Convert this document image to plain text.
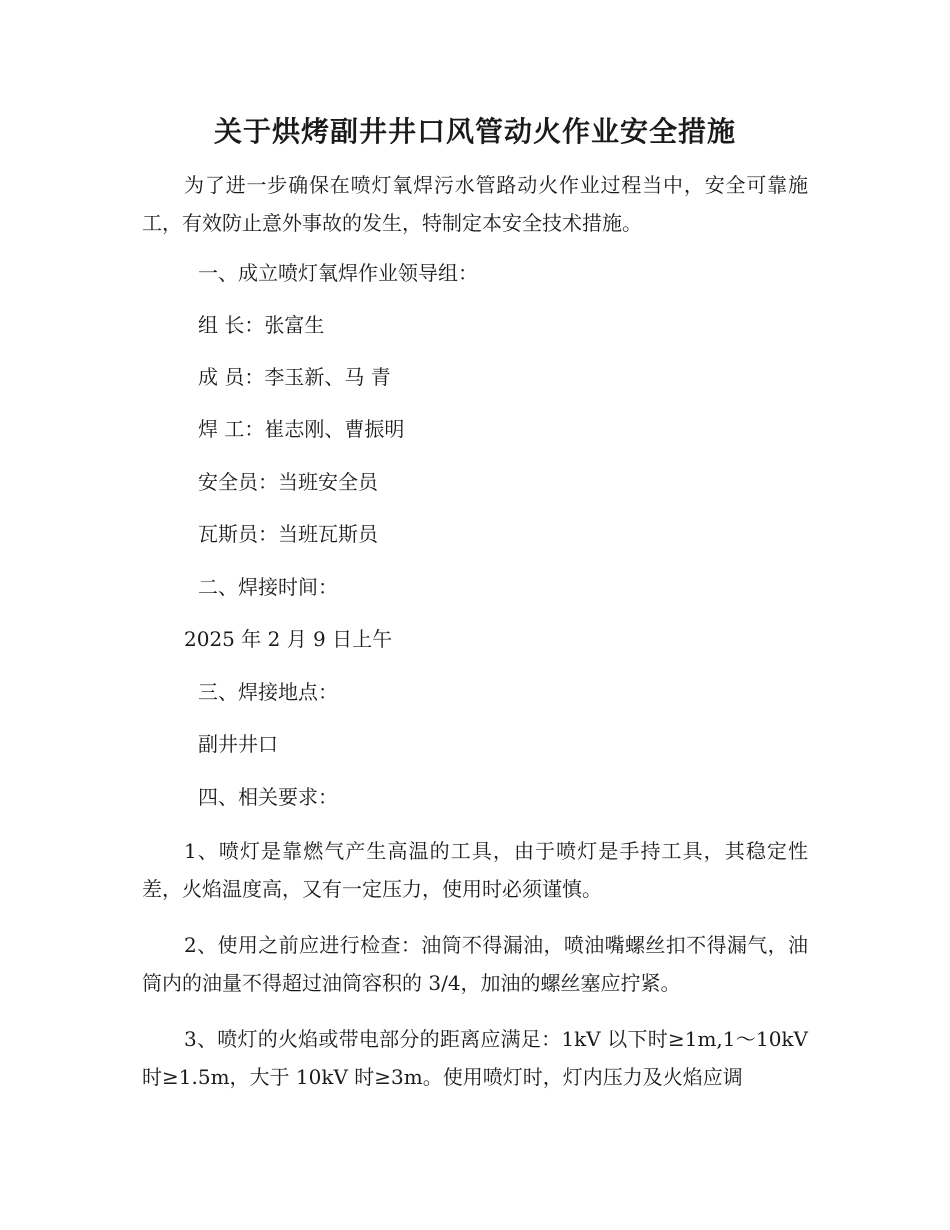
关于烘烤副井井口风管动火作业安全措施

为了进一步确保在喷灯氧焊污水管路动火作业过程当中，安全可靠施工，有效防止意外事故的发生，特制定本安全技术措施。

一、成立喷灯氧焊作业领导组：

组 长：张富生

成 员：李玉新、马 青

焊 工：崔志刚、曹振明

安全员：当班安全员

瓦斯员：当班瓦斯员

二、焊接时间：

2025 年 2 月 9 日上午

三、焊接地点：

副井井口

四、相关要求：

1、喷灯是靠燃气产生高温的工具，由于喷灯是手持工具，其稳定性差，火焰温度高，又有一定压力，使用时必须谨慎。

2、使用之前应进行检查：油筒不得漏油，喷油嘴螺丝扣不得漏气，油筒内的油量不得超过油筒容积的 3/4，加油的螺丝塞应拧紧。

3、喷灯的火焰或带电部分的距离应满足：1kV 以下时≥1m,1～10kV 时≥1.5m，大于 10kV 时≥3m。使用喷灯时，灯内压力及火焰应调
